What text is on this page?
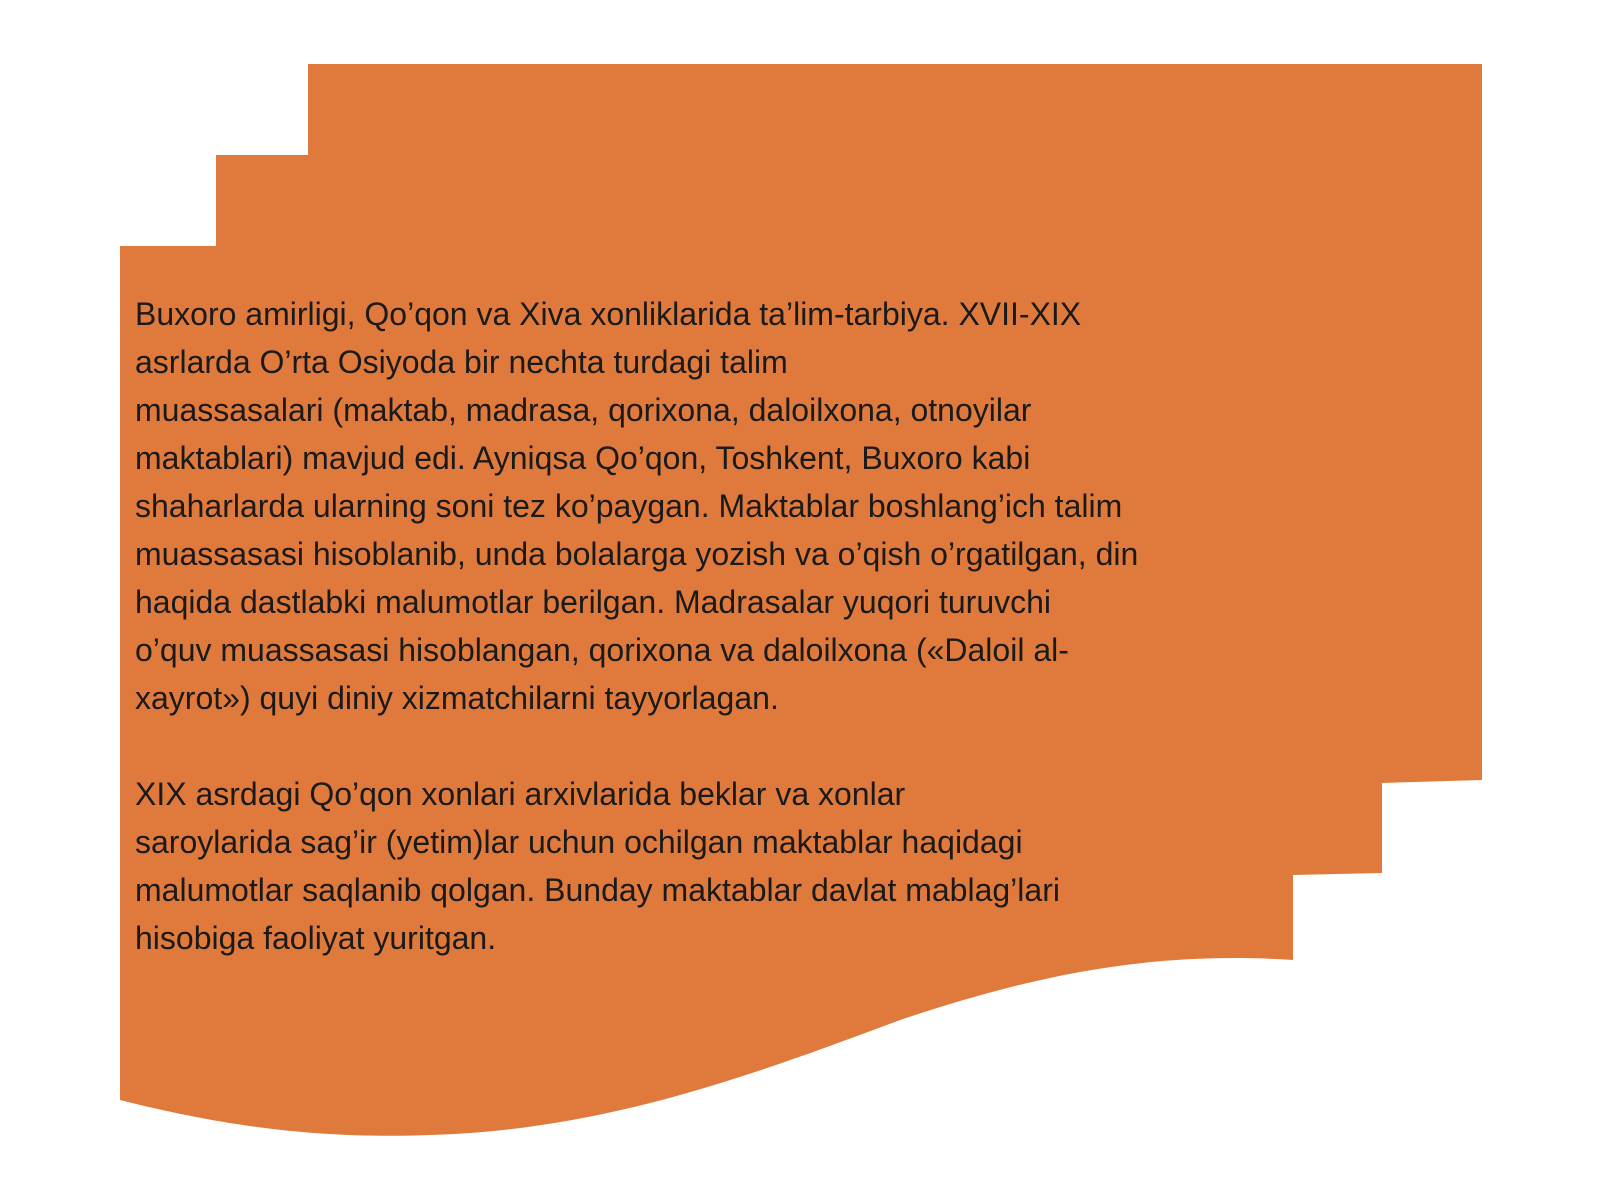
Buxoro amirligi, Qo’qon va Xiva xonliklarida ta’lim-tarbiya. XVII-XIX
asrlarda O’rta Osiyoda bir nechta turdagi talim
muassasalari (maktab, madrasa, qorixona, daloilxona, otnoyilar
maktablari) mavjud edi. Ayniqsa Qo’qon, Toshkent, Buxoro kabi
shaharlarda ularning soni tez ko’paygan. Maktablar boshlang’ich talim
muassasasi hisoblanib, unda bolalarga yozish va o’qish o’rgatilgan, din
haqida dastlabki malumotlar berilgan. Madrasalar yuqori turuvchi
o’quv muassasasi hisoblangan, qorixona va daloilxona («Daloil al-
xayrot») quyi diniy xizmatchilarni tayyorlagan.

XIX asrdagi Qo’qon xonlari arxivlarida beklar va xonlar
saroylarida sag’ir (yetim)lar uchun ochilgan maktablar haqidagi
malumotlar saqlanib qolgan. Bunday maktablar davlat mablag’lari
hisobiga faoliyat yuritgan.
